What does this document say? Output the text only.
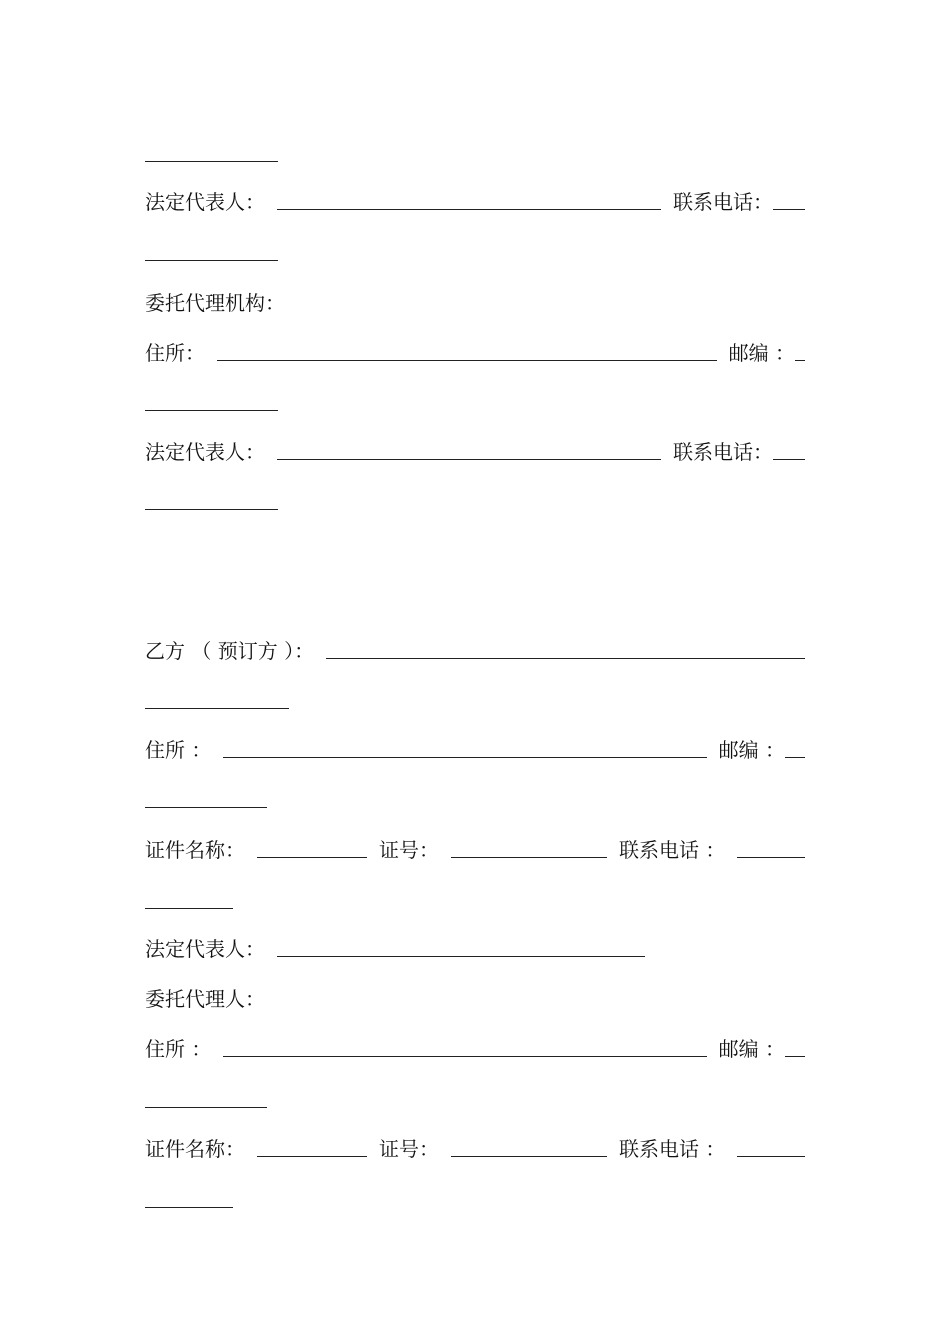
法定代表人：	联系电话：
委托代理机构：
住所：	邮编 ：
法定代表人：	联系电话：
乙方 （ 预订方 ）：
住所 ：	邮编 ：
证件名称：	证号：	联系电话 ：
法定代表人：
委托代理人：
住所 ：	邮编 ：
证件名称：	证号：	联系电话 ：
